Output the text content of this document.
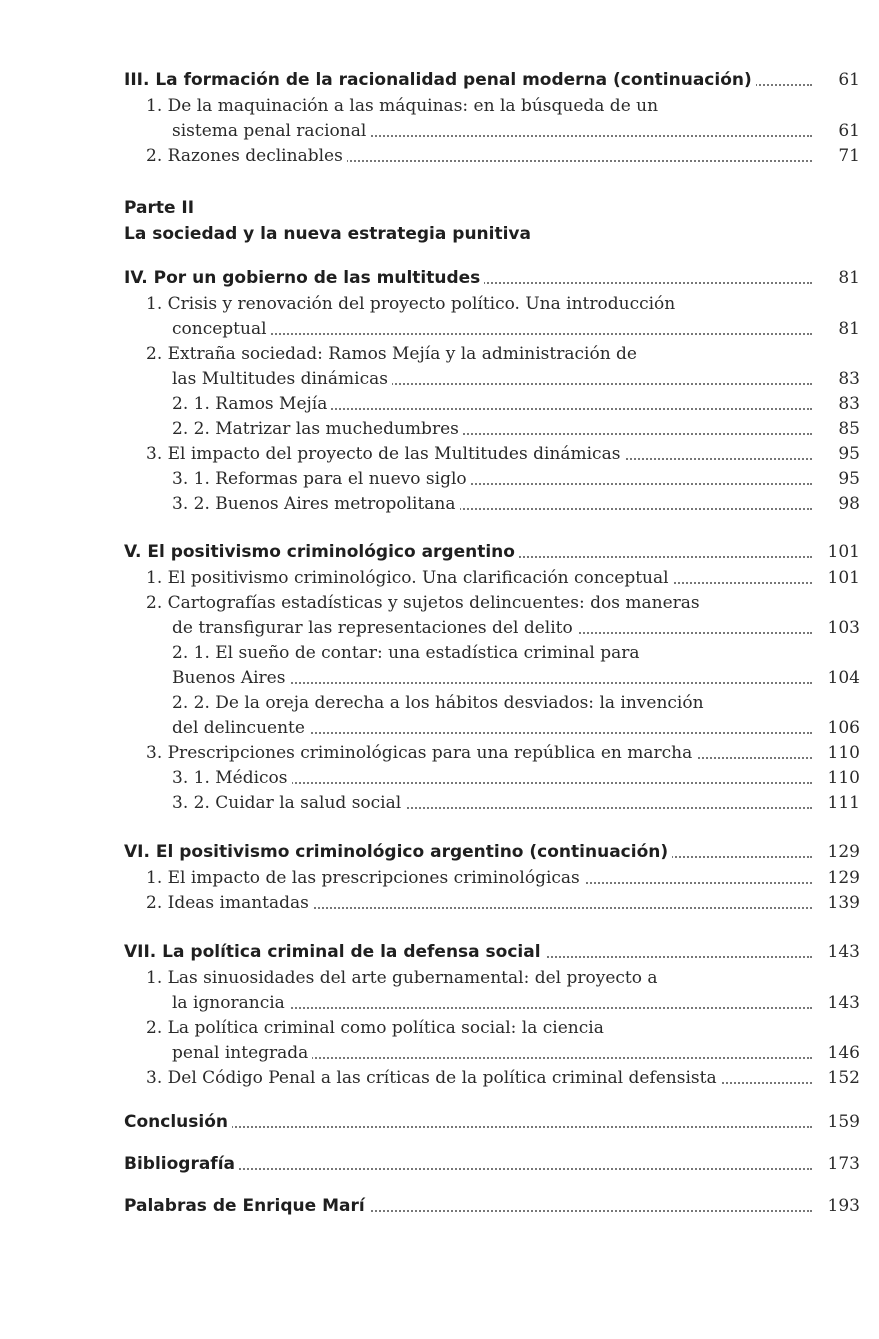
III. La formación de la racionalidad penal moderna (continuación)	61
1. De la maquinación a las máquinas: en la búsqueda de un
sistema penal racional	61
2. Razones declinables	71
Parte II
La sociedad y la nueva estrategia punitiva
IV. Por un gobierno de las multitudes	81
1. Crisis y renovación del proyecto político. Una introducción
conceptual	81
2. Extraña sociedad: Ramos Mejía y la administración de
las Multitudes dinámicas	83
2. 1. Ramos Mejía	83
2. 2. Matrizar las muchedumbres	85
3. El impacto del proyecto de las Multitudes dinámicas	95
3. 1. Reformas para el nuevo siglo	95
3. 2. Buenos Aires metropolitana	98
V. El positivismo criminológico argentino	101
1. El positivismo criminológico. Una clarificación conceptual	101
2. Cartografías estadísticas y sujetos delincuentes: dos maneras
de transfigurar las representaciones del delito	103
2. 1. El sueño de contar: una estadística criminal para
Buenos Aires	104
2. 2. De la oreja derecha a los hábitos desviados: la invención
del delincuente	106
3. Prescripciones criminológicas para una república en marcha	110
3. 1. Médicos	110
3. 2. Cuidar la salud social	111
VI. El positivismo criminológico argentino (continuación)	129
1. El impacto de las prescripciones criminológicas	129
2. Ideas imantadas	139
VII. La política criminal de la defensa social	143
1. Las sinuosidades del arte gubernamental: del proyecto a
la ignorancia	143
2. La política criminal como política social: la ciencia
penal integrada	146
3. Del Código Penal a las críticas de la política criminal defensista	152
Conclusión	159
Bibliografía	173
Palabras de Enrique Marí	193
